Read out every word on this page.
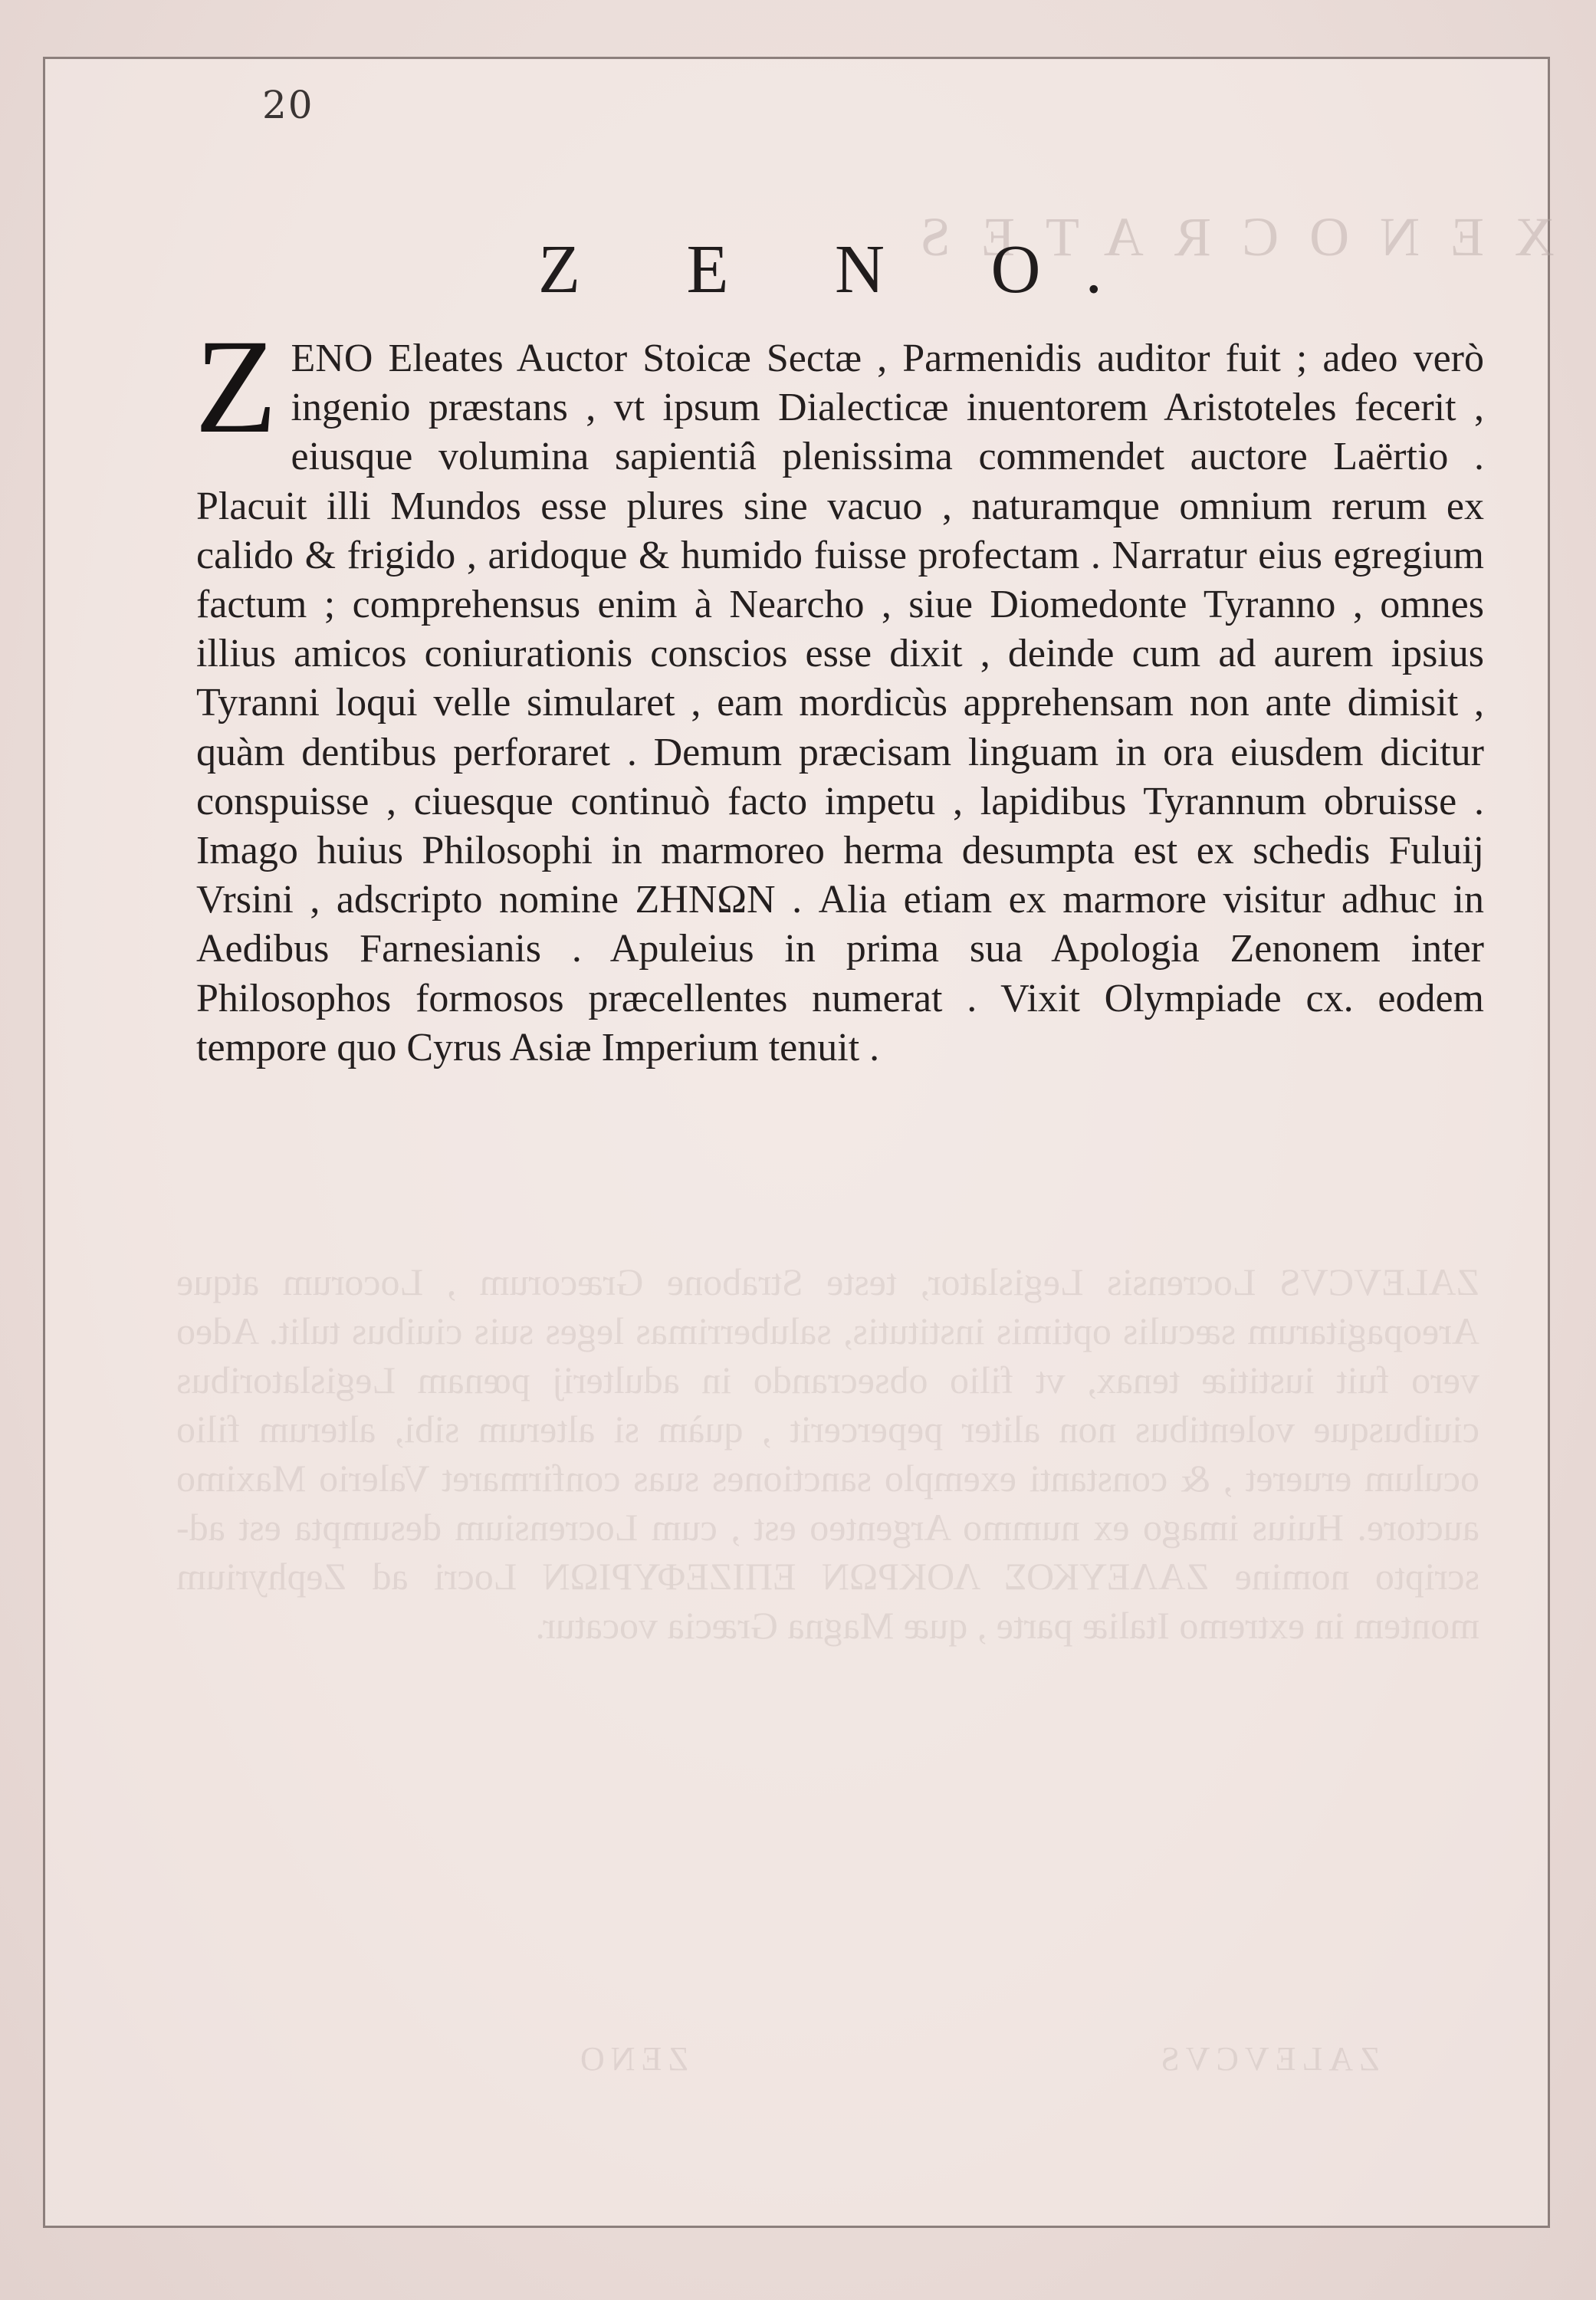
XENOCRATES
ZALEVCVS Locrensis Legislator, teste Strabone Græcorum , Locorum atque Areopagitarum sæculis optimis institutis, saluberrimas leges suis ciuibus tulit. Adeo vero fuit iustitiæ tenax, vt filio obsecrando in adulterij pœnam Legislatoribus ciuibusque volentibus non aliter pepercerit , quàm si alterum sibi, alterum filio oculum erueret , & constanti exemplo sanctiones suas confirmaret Valerio Maximo auctore. Huius imago ex nummo Argenteo est , cum Locrensium desumpta est ad- scripto nomine ΖΑΛΕΥΚΟΣ ΛΟΚΡΩΝ ΕΠΙΖΕΦΥΡΙΩΝ Locri ad Zephyrium montem in extremo Italiæ parte , quæ Magna Græcia vocatur.
ZALEVCVS                                ZENO
20
Z E N O.
Z ENO Eleates Auctor Stoicæ Sectæ , Parmenidis auditor fuit ; adeo verò ingenio præstans , vt ipsum Dialecticæ inuentorem Aristoteles fecerit , eiusque volumina sapientiâ plenissima commendet auctore Laërtio . Placuit illi Mundos esse plures sine vacuo , naturamque omnium rerum ex calido & frigido , aridoque & humido fuisse profectam . Narratur eius egregium factum ; comprehensus enim à Nearcho , siue Diomedonte Tyranno , omnes illius amicos coniurationis conscios esse dixit , deinde cum ad aurem ipsius Tyranni loqui velle simularet , eam mordicùs apprehensam non ante dimisit , quàm dentibus perforaret . Demum præcisam linguam in ora eiusdem dicitur conspuisse , ciuesque continuò facto impetu , lapidibus Tyrannum obruisse . Imago huius Philosophi in marmoreo herma desumpta est ex schedis Fuluij Vrsini , adscripto nomine ΖΗΝΩΝ . Alia etiam ex marmore visitur adhuc in Aedibus Farnesianis . Apuleius in prima sua Apologia Zenonem inter Philosophos formosos præcellentes numerat . Vixit Olympiade cx. eodem tempore quo Cyrus Asiæ Imperium tenuit .
